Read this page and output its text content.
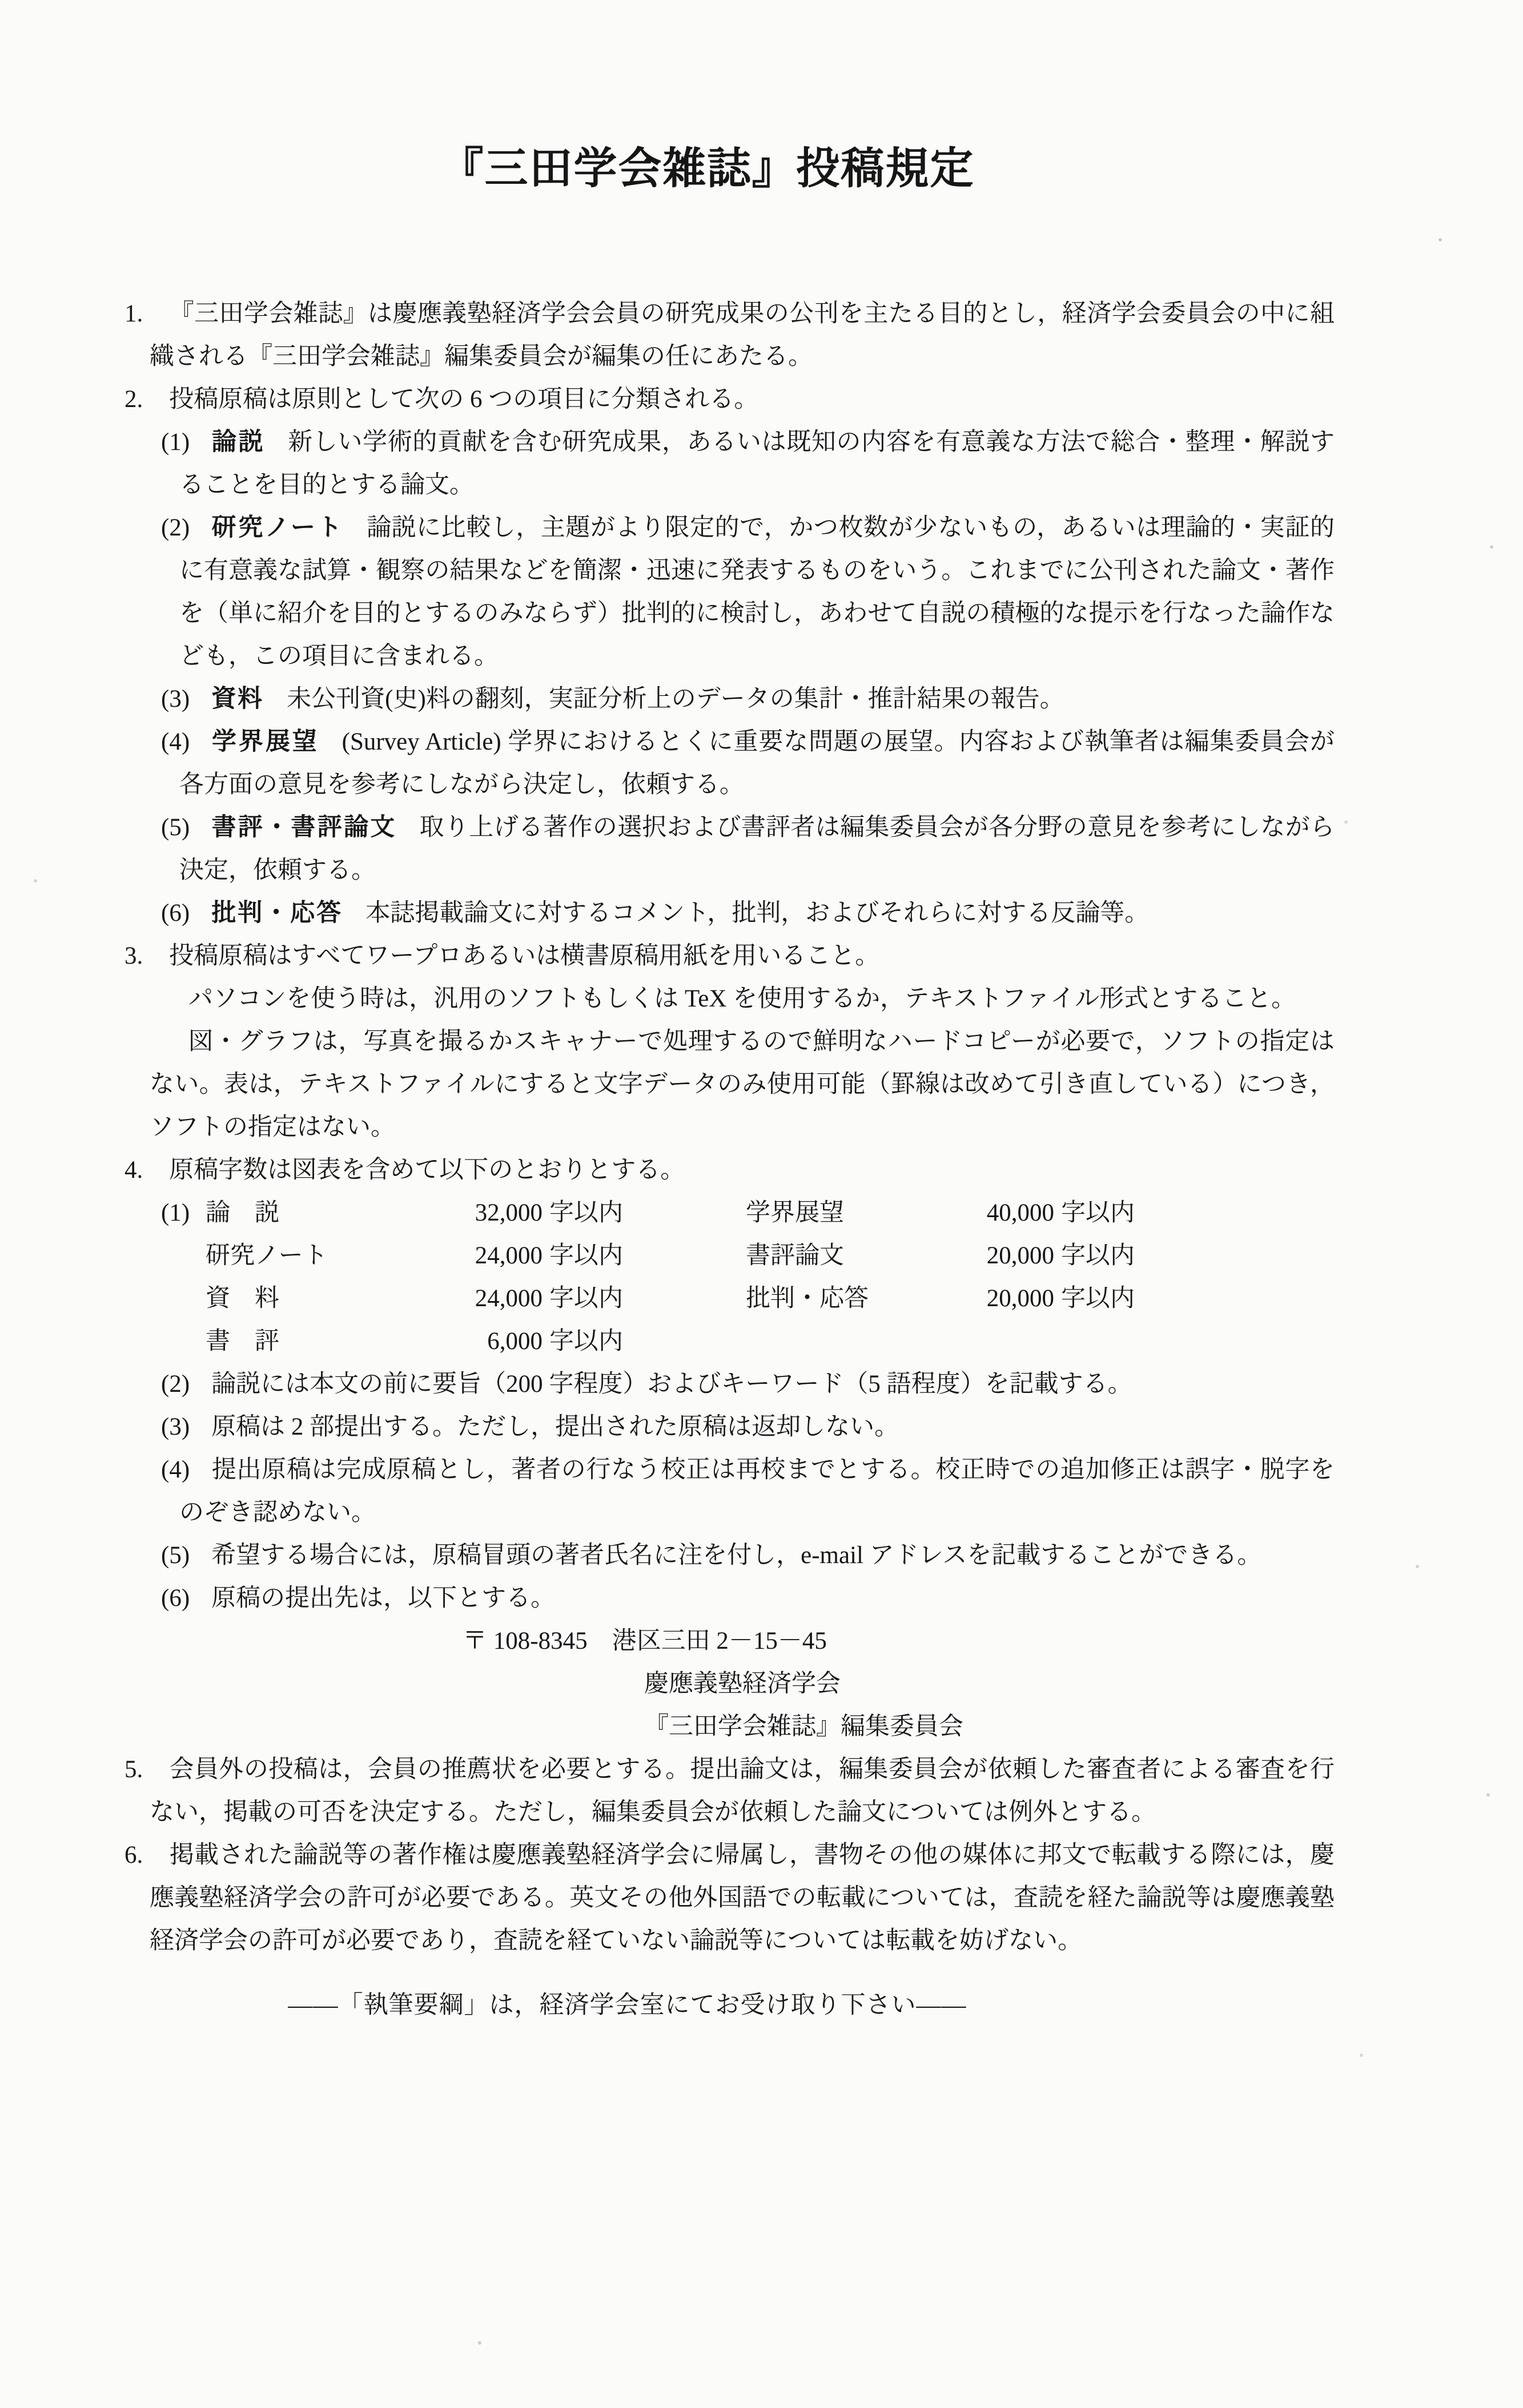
『三田学会雑誌』投稿規定

1. 『三田学会雑誌』は慶應義塾経済学会会員の研究成果の公刊を主たる目的とし，経済学会委員会の中に組織される『三田学会雑誌』編集委員会が編集の任にあたる。

2. 投稿原稿は原則として次の 6 つの項目に分類される。

(1) 論説 新しい学術的貢献を含む研究成果，あるいは既知の内容を有意義な方法で総合・整理・解説することを目的とする論文。

(2) 研究ノート 論説に比較し，主題がより限定的で，かつ枚数が少ないもの，あるいは理論的・実証的に有意義な試算・観察の結果などを簡潔・迅速に発表するものをいう。これまでに公刊された論文・著作を（単に紹介を目的とするのみならず）批判的に検討し，あわせて自説の積極的な提示を行なった論作なども，この項目に含まれる。

(3) 資料 未公刊資(史)料の翻刻，実証分析上のデータの集計・推計結果の報告。

(4) 学界展望 (Survey Article) 学界におけるとくに重要な問題の展望。内容および執筆者は編集委員会が各方面の意見を参考にしながら決定し，依頼する。

(5) 書評・書評論文 取り上げる著作の選択および書評者は編集委員会が各分野の意見を参考にしながら決定，依頼する。

(6) 批判・応答 本誌掲載論文に対するコメント，批判，およびそれらに対する反論等。

3. 投稿原稿はすべてワープロあるいは横書原稿用紙を用いること。

パソコンを使う時は，汎用のソフトもしくは TeX を使用するか，テキストファイル形式とすること。

図・グラフは，写真を撮るかスキャナーで処理するので鮮明なハードコピーが必要で，ソフトの指定はない。表は，テキストファイルにすると文字データのみ使用可能（罫線は改めて引き直している）につき，ソフトの指定はない。

4. 原稿字数は図表を含めて以下のとおりとする。

(1) 論　説	32,000 字以内	学界展望	40,000 字以内
研究ノート	24,000 字以内	書評論文	20,000 字以内
資　料	24,000 字以内	批判・応答	20,000 字以内
書　評	6,000 字以内

(2) 論説には本文の前に要旨（200 字程度）およびキーワード（5 語程度）を記載する。

(3) 原稿は 2 部提出する。ただし，提出された原稿は返却しない。

(4) 提出原稿は完成原稿とし，著者の行なう校正は再校までとする。校正時での追加修正は誤字・脱字をのぞき認めない。

(5) 希望する場合には，原稿冒頭の著者氏名に注を付し，e-mail アドレスを記載することができる。

(6) 原稿の提出先は，以下とする。

〒 108-8345　港区三田 2－15－45

慶應義塾経済学会

『三田学会雑誌』編集委員会

5. 会員外の投稿は，会員の推薦状を必要とする。提出論文は，編集委員会が依頼した審査者による審査を行ない，掲載の可否を決定する。ただし，編集委員会が依頼した論文については例外とする。

6. 掲載された論説等の著作権は慶應義塾経済学会に帰属し，書物その他の媒体に邦文で転載する際には，慶應義塾経済学会の許可が必要である。英文その他外国語での転載については，査読を経た論説等は慶應義塾経済学会の許可が必要であり，査読を経ていない論説等については転載を妨げない。

——「執筆要綱」は，経済学会室にてお受け取り下さい——
